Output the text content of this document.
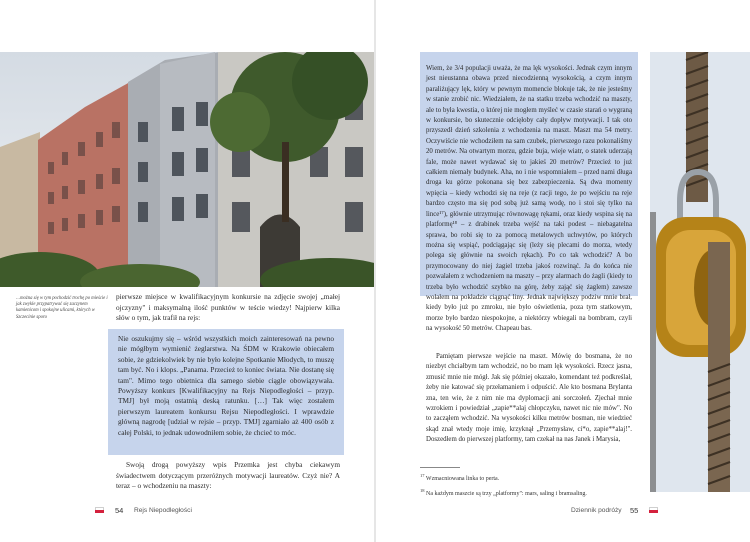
…można się w tym pochodzić trochę po mieście i jak zwykle przypatrywać się zaczynem kamienicom i spokojne ulicami, których w Szczecinie sporo

pierwsze miejsce w kwalifikacyjnym konkursie na zdjęcie swojej „małej ojczyzny" i maksymalną ilość punktów w teście wiedzy! Najpierw kilka słów o tym, jak trafił na rejs:

Nie oszukujmy się – wśród wszystkich moich zainteresowań na pewno nie mógłbym wymienić żeglarstwa. Na ŚDM w Krakowie obiecałem sobie, że gdziekolwiek by nie było kolejne Spotkanie Młodych, to muszę tam być. No i klops. „Panama. Przecież to koniec świata. Nie dostanę się tam". Mimo tego obietnica dla samego siebie ciągle obowiązywała. Powyższy konkurs [Kwalifikacyjny na Rejs Niepodległości – przyp. TMJ] był moją ostatnią deską ratunku. […] Tak więc zostałem pierwszym laureatem konkursu Rejsu Niepodległości. I wprawdzie główną nagrodę [udział w rejsie – przyp. TMJ] zgarniało aż 400 osób z całej Polski, to jednak udowodniłem sobie, że chcieć to móc.

Swoją drogą powyższy wpis Przemka jest chyba ciekawym świadectwem dotyczącym przeróżnych motywacji laureatów. Czyż nie? A teraz – o wchodzeniu na maszty:

54 Rejs Niepodległości
Wiem, że 3/4 populacji uważa, że ma lęk wysokości. Jednak czym innym jest nieustanna obawa przed niecodzienną wysokością, a czym innym paraliżujący lęk, który w pewnym momencie blokuje tak, że nie jesteśmy w stanie zrobić nic. Wiedziałem, że na statku trzeba wchodzić na maszty, ale to była kwestia, o której nie mogłem myśleć w czasie starań o wygraną w konkursie, bo skutecznie odcięłoby cały dopływ motywacji. I tak oto przyszedł dzień szkolenia z wchodzenia na maszt. Maszt ma 54 metry. Oczywiście nie wchodziłem na sam czubek, pierwszego razu pokonaliśmy 20 metrów. Na otwartym morzu, gdzie buja, wieje wiatr, o statek uderzają fale, może nawet wydawać się to jakieś 20 metrów? Przecież to już całkiem niemały budynek. Aha, no i nie wspomniałem – przed nami długa droga ku górze pokonana się bez zabezpieczenia. Są dwa momenty wpięcia – kiedy wchodzi się na reje (z racji tego, że po wejściu na reje bardzo często ma się pod sobą już samą wodę, no i stoi się tylko na lince¹⁷), głównie utrzymując równowagę rękami, oraz kiedy wspina się na platformę¹⁸ – z drabinek trzeba wejść na taki podest – niebagatelna sprawa, bo robi się to za pomocą metalowych uchwytów, po których można się wspiąć, podciągając się (leży się plecami do morza, wtedy polega się głównie na swoich rękach). Po co tak wchodzić? A bo przymocowany do niej żagiel trzeba jakoś rozwinąć. Ja do końca nie pozwalałem z wchodzeniem na maszty – przy alarmach do żagli (kiedy to trzeba było wchodzić szybko na górę, żeby zająć się żaglem) zawsze wolałem na pokładzie ciągnąć liny. Jednak największy podziw mnie brał, kiedy było już po zmroku, nie było oświetlenia, poza tym statkowym, morze było bardzo niespokojne, a niektórzy wbiegali na bombram, czyli na wysokość 50 metrów. Chapeau bas.

Pamiętam pierwsze wejście na maszt. Mówię do bosmana, że no niezbyt chciałbym tam wchodzić, no bo mam lęk wysokości. Rzecz jasna, zmusić mnie nie mógł. Jak się później okazało, komendant też podkreślał, żeby nie katować się przełamaniem i odpuścić. Ale kto bosmana Brylanta zna, ten wie, że z nim nie ma dyplomacji ani sorczołeń. Zjechał mnie wzrokiem i powiedział „zapie**alaj chłopczyku, nawet nic nie mów". No to zacząłem wchodzić. Na wysokości kilku metrów bosman, nie wiedzieć skąd znał wtedy moje imię, krzyknął „Przemysław, ci*o, zapie**alaj!". Doszedłem do pierwszej platformy, tam czekał na nas Janek i Marysia,

$^{17}$ Wzmacniowana linka to perta.
$^{18}$ Na każdym maszcie są trzy „platformy": mars, saling i bramsaling.
Dziennik podróży 55
